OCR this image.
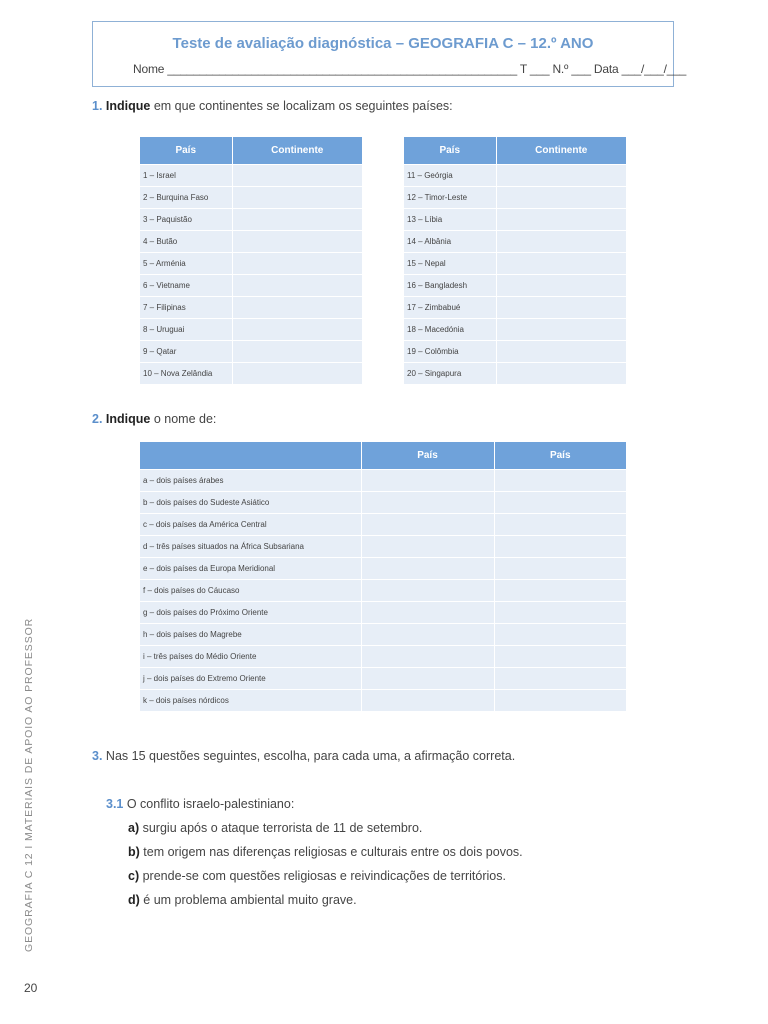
Teste de avaliação diagnóstica – GEOGRAFIA C – 12.º ANO
Nome ______________________________________________________ T ___ N.º ___ Data ___/___/___
1. Indique em que continentes se localizam os seguintes países:
País	Continente
1 – Israel	
2 – Burquina Faso	
3 – Paquistão	
4 – Butão	
5 – Arménia	
6 – Vietname	
7 – Filipinas	
8 – Uruguai	
9 – Qatar	
10 – Nova Zelândia	
País	Continente
11 – Geórgia	
12 – Timor-Leste	
13 – Líbia	
14 – Albânia	
15 – Nepal	
16 – Bangladesh	
17 – Zimbabué	
18 – Macedónia	
19 – Colômbia	
20 – Singapura	
2. Indique o nome de:
	País	País
a – dois países árabes		
b – dois países do Sudeste Asiático		
c – dois países da América Central		
d – três países situados na África Subsariana		
e – dois países da Europa Meridional		
f – dois países do Cáucaso		
g – dois países do Próximo Oriente		
h – dois países do Magrebe		
i – três países do Médio Oriente		
j – dois países do Extremo Oriente		
k – dois países nórdicos		
3. Nas 15 questões seguintes, escolha, para cada uma, a afirmação correta.
3.1 O conflito israelo-palestiniano:
a) surgiu após o ataque terrorista de 11 de setembro.
b) tem origem nas diferenças religiosas e culturais entre os dois povos.
c) prende-se com questões religiosas e reivindicações de territórios.
d) é um problema ambiental muito grave.
GEOGRAFIA C 12 I MATERIAIS DE APOIO AO PROFESSOR
20
